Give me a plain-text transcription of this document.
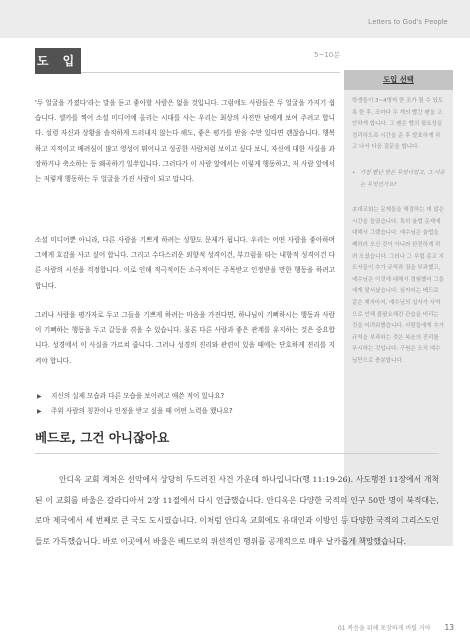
Letters to God's People
도 입	5~10분

'두 얼굴을 가졌다'라는 말을 듣고 좋아할 사람은 없을 것입니다. 그럼에도 사람들은 두 얼굴을 가지기 쉽습니다. 셀카를 찍어 소셜 미디어에 올리는 시대를 사는 우리는 최상의 사진만 남에게 보여 주려고 합니다. 설령 자신과 상황을 솔직하게 드러내지 않는다 해도, 좋은 평가를 받을 수만 있다면 괜찮습니다. 행복하고 지적이고 배려심이 많고 영성이 뛰어나고 성공한 사람처럼 보이고 싶다 보니, 자신에 대한 사실을 과장하거나 축소하는 등 왜곡하기 일쑤입니다. 그러다가 이 사람 앞에서는 이렇게 행동하고, 저 사람 앞에서는 저렇게 행동하는 두 얼굴을 가진 사람이 되고 맙니다.

소셜 미디어뿐 아니라, 다른 사람을 기쁘게 하려는 성향도 문제가 됩니다. 우리는 어떤 사람을 좋아하며 그에게 호감을 사고 싶어 합니다. 그리고 수다스러운 외향적 성격이건, 부끄럼을 타는 내향적 성격이건 다른 사람의 시선을 걱정합니다. 이로 인해 적극적이든 소극적이든 주목받고 인정받을 만한 행동을 하려고 합니다.

그러나 사람을 평가자로 두고 그들을 기쁘게 하려는 마음을 가진다면, 하나님이 기뻐하시는 행동과 사람이 기뻐하는 행동을 두고 갈등을 겪을 수 있습니다. 물론 다른 사람과 좋은 관계를 유지하는 것은 중요합니다. 성경에서 이 사실을 가르쳐 줍니다. 그러나 성경의 진리와 관련이 있을 때에는 단호하게 진리를 지켜야 합니다.

▶ 지신의 실제 모습과 다른 모습을 보이려고 애쓴 적이 있나요?
▶ 주위 사람의 칭찬이나 인정을 받고 싶을 때 어떤 노력을 했나요?
도입 선택

학생들이 3~4명씩 한 조가 될 수 있도록 한 후, 조마다 두 개의 빨간 펜을 고안하게 합니다. 그 펜은 뱀의 필요성을 정리하도록 시간을 준 후 발표하게 하고 나서 다음 질문을 합니다.

• 가장 빨난 발은 무엇이었고, 그 이유는 무엇인가요?

초대교회는 문제들을 해결하는 데 많은 시간을 들였습니다. 특히 율법 문제에 대해서 그랬습니다. 예수님은 율법을 폐하러 오신 것이 아니라 완전하게 하려 오셨습니다. 그러나 그 무렵 종교 지도자들이 추가 규칙과 짐을 부과했고, 예수님은 이것에 대해서 경험했어 그들에게 맞서셨습니다. 심지어는 베드로 같은 제자마저, 예수님의 십자가 사역으로 인해 불필요해진 관습을 버리는 것을 어려워했습니다. 사람들에게 추가 규칙을 부과하는 것은 복음의 진리를 무시하는 것입니다. 구원은 오직 예수님만으로 충분합니다.

베드로, 그건 아니잖아요

안디옥 교회 계처은 선악에서 상당히 두드러진 사건 가운데 하나입니다(행 11:19-26). 사도행전 11장에서 개척된 이 교회를 바울은 갈라디아서 2장 11절에서 다시 언급했습니다. 안디옥은 다양한 국적의 인구 50만 명이 북적대는, 로마 제국에서 세 번째로 큰 국도 도시였습니다. 이처럼 안디옥 교회에도 유대인과 이방인 등 다양한 국적의 그리스도인들로 가득했습니다. 바로 이곳에서 바울은 베드로의 위선적인 행위를 공개적으로 매우 날카롭게 책망했습니다.

01 복음을 위해 포장하게 버릴 거야 13
